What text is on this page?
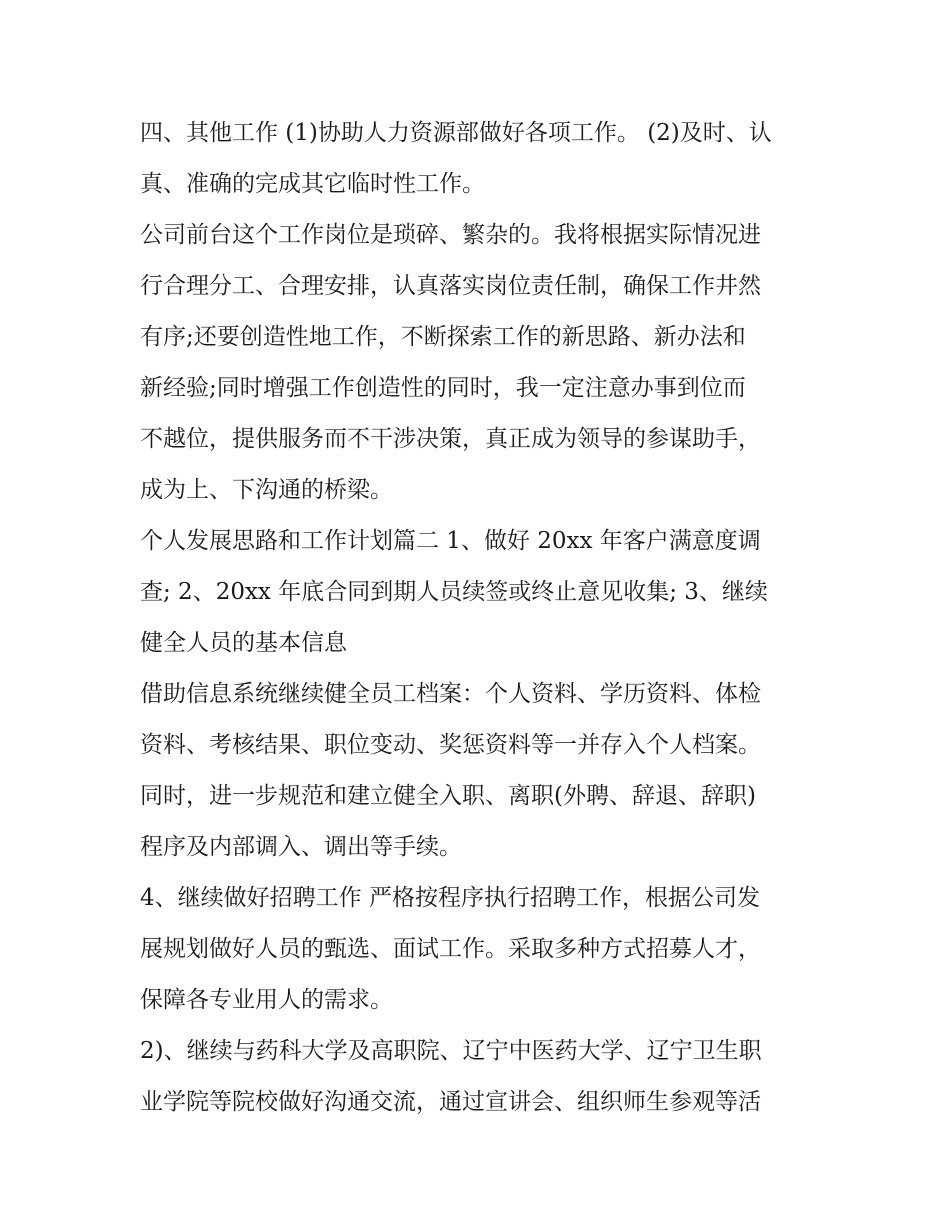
四、其他工作 (1)协助人力资源部做好各项工作。 (2)及时、认
真、准确的完成其它临时性工作。
公司前台这个工作岗位是琐碎、繁杂的。我将根据实际情况进
行合理分工、合理安排，认真落实岗位责任制，确保工作井然
有序;还要创造性地工作，不断探索工作的新思路、新办法和
新经验;同时增强工作创造性的同时，我一定注意办事到位而
不越位，提供服务而不干涉决策，真正成为领导的参谋助手，
成为上、下沟通的桥梁。
个人发展思路和工作计划篇二 1、做好 20xx 年客户满意度调
查; 2、20xx 年底合同到期人员续签或终止意见收集; 3、继续
健全人员的基本信息
借助信息系统继续健全员工档案：个人资料、学历资料、体检
资料、考核结果、职位变动、奖惩资料等一并存入个人档案。
同时，进一步规范和建立健全入职、离职(外聘、辞退、辞职)
程序及内部调入、调出等手续。
4、继续做好招聘工作 严格按程序执行招聘工作，根据公司发
展规划做好人员的甄选、面试工作。采取多种方式招募人才，
保障各专业用人的需求。
2)、继续与药科大学及高职院、辽宁中医药大学、辽宁卫生职
业学院等院校做好沟通交流，通过宣讲会、组织师生参观等活
